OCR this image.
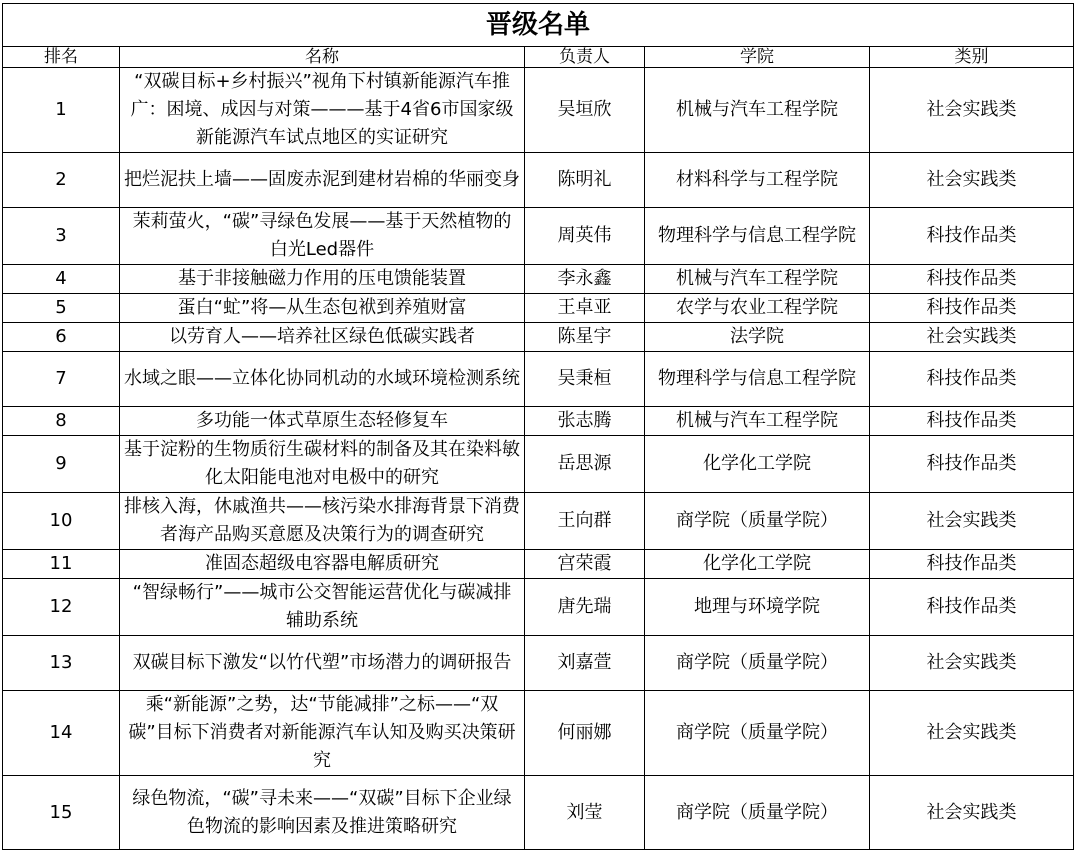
晋级名单				
排名	名称	负责人	学院	类别
1	“双碳目标+乡村振兴”视角下村镇新能源汽车推广：困境、成因与对策———基于4省6市国家级新能源汽车试点地区的实证研究	吴垣欣	机械与汽车工程学院	社会实践类
2	把烂泥扶上墙——固废赤泥到建材岩棉的华丽变身	陈明礼	材料科学与工程学院	社会实践类
3	茉莉萤火，“碳”寻绿色发展——基于天然植物的白光Led器件	周英伟	物理科学与信息工程学院	科技作品类
4	基于非接触磁力作用的压电馈能装置	李永鑫	机械与汽车工程学院	科技作品类
5	蛋白“虻”将—从生态包袱到养殖财富	王卓亚	农学与农业工程学院	科技作品类
6	以劳育人——培养社区绿色低碳实践者	陈星宇	法学院	社会实践类
7	水域之眼——立体化协同机动的水域环境检测系统	吴秉桓	物理科学与信息工程学院	科技作品类
8	多功能一体式草原生态轻修复车	张志腾	机械与汽车工程学院	科技作品类
9	基于淀粉的生物质衍生碳材料的制备及其在染料敏化太阳能电池对电极中的研究	岳思源	化学化工学院	科技作品类
10	排核入海，休戚渔共——核污染水排海背景下消费者海产品购买意愿及决策行为的调查研究	王向群	商学院（质量学院）	社会实践类
11	准固态超级电容器电解质研究	宫荣霞	化学化工学院	科技作品类
12	“智绿畅行”——城市公交智能运营优化与碳减排辅助系统	唐先瑞	地理与环境学院	科技作品类
13	双碳目标下激发“以竹代塑”市场潜力的调研报告	刘嘉萱	商学院（质量学院）	社会实践类
14	乘“新能源”之势，达“节能减排”之标——“双碳”目标下消费者对新能源汽车认知及购买决策研究	何丽娜	商学院（质量学院）	社会实践类
15	绿色物流，“碳”寻未来——“双碳”目标下企业绿色物流的影响因素及推进策略研究	刘莹	商学院（质量学院）	社会实践类
